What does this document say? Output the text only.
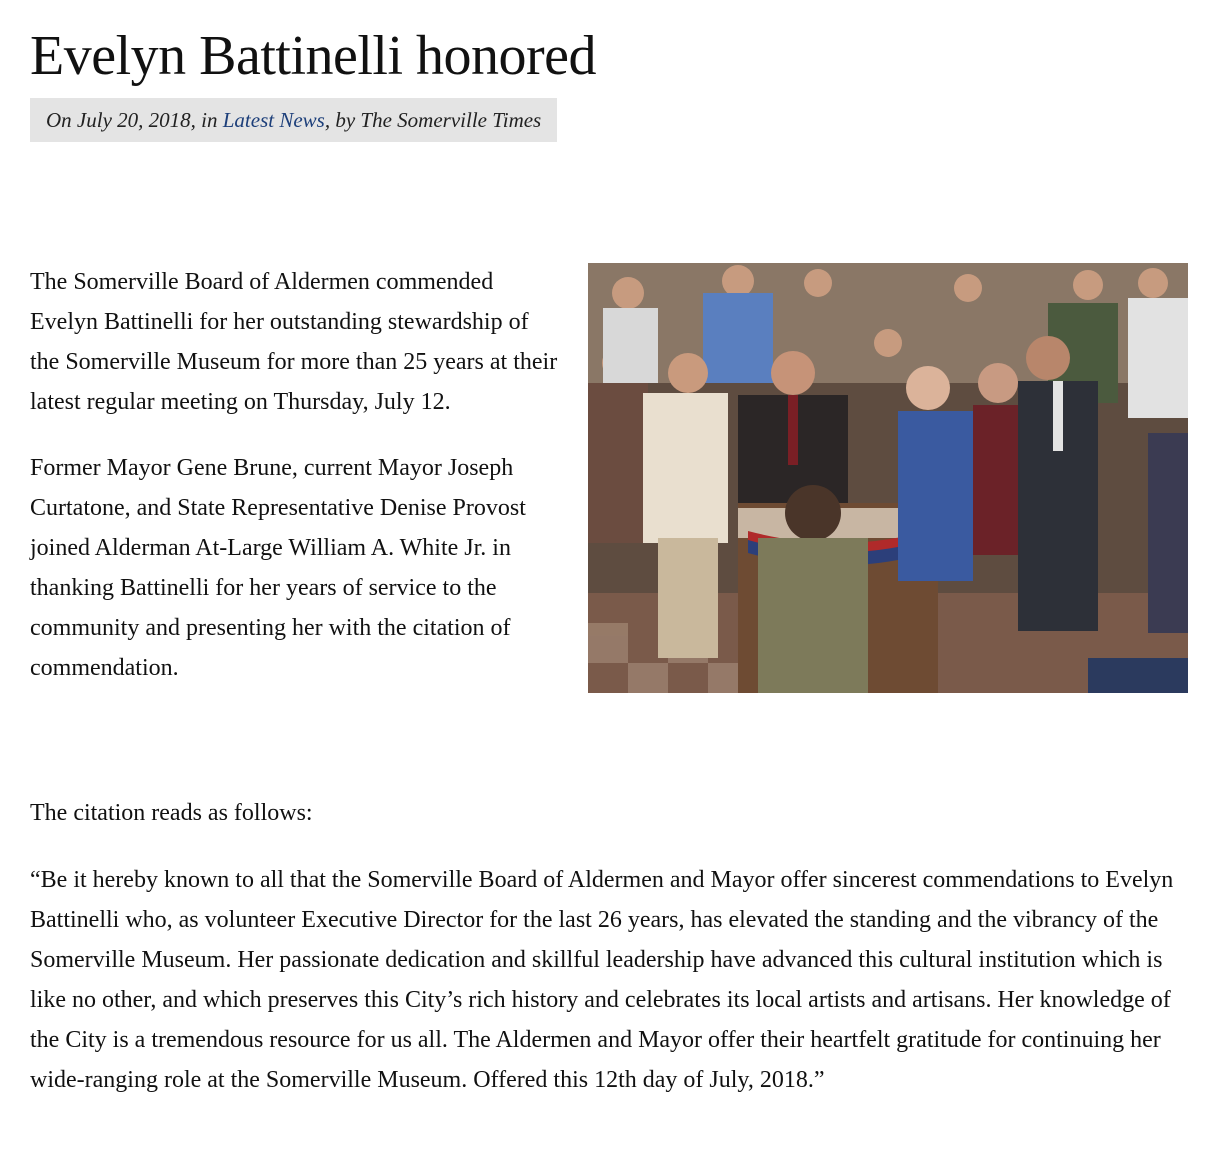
Evelyn Battinelli honored
On July 20, 2018, in Latest News, by The Somerville Times

The Somerville Board of Aldermen commended Evelyn Battinelli for her outstanding stewardship of the Somerville Museum for more than 25 years at their latest regular meeting on Thursday, July 12.

Former Mayor Gene Brune, current Mayor Joseph Curtatone, and State Representative Denise Provost joined Alderman At-Large William A. White Jr. in thanking Battinelli for her years of service to the community and presenting her with the citation of commendation.

The citation reads as follows:

“Be it hereby known to all that the Somerville Board of Aldermen and Mayor offer sincerest commendations to Evelyn Battinelli who, as volunteer Executive Director for the last 26 years, has elevated the standing and the vibrancy of the Somerville Museum. Her passionate dedication and skillful leadership have advanced this cultural institution which is like no other, and which preserves this City’s rich history and celebrates its local artists and artisans. Her knowledge of the City is a tremendous resource for us all. The Aldermen and Mayor offer their heartfelt gratitude for continuing her wide-ranging role at the Somerville Museum. Offered this 12th day of July, 2018.”
